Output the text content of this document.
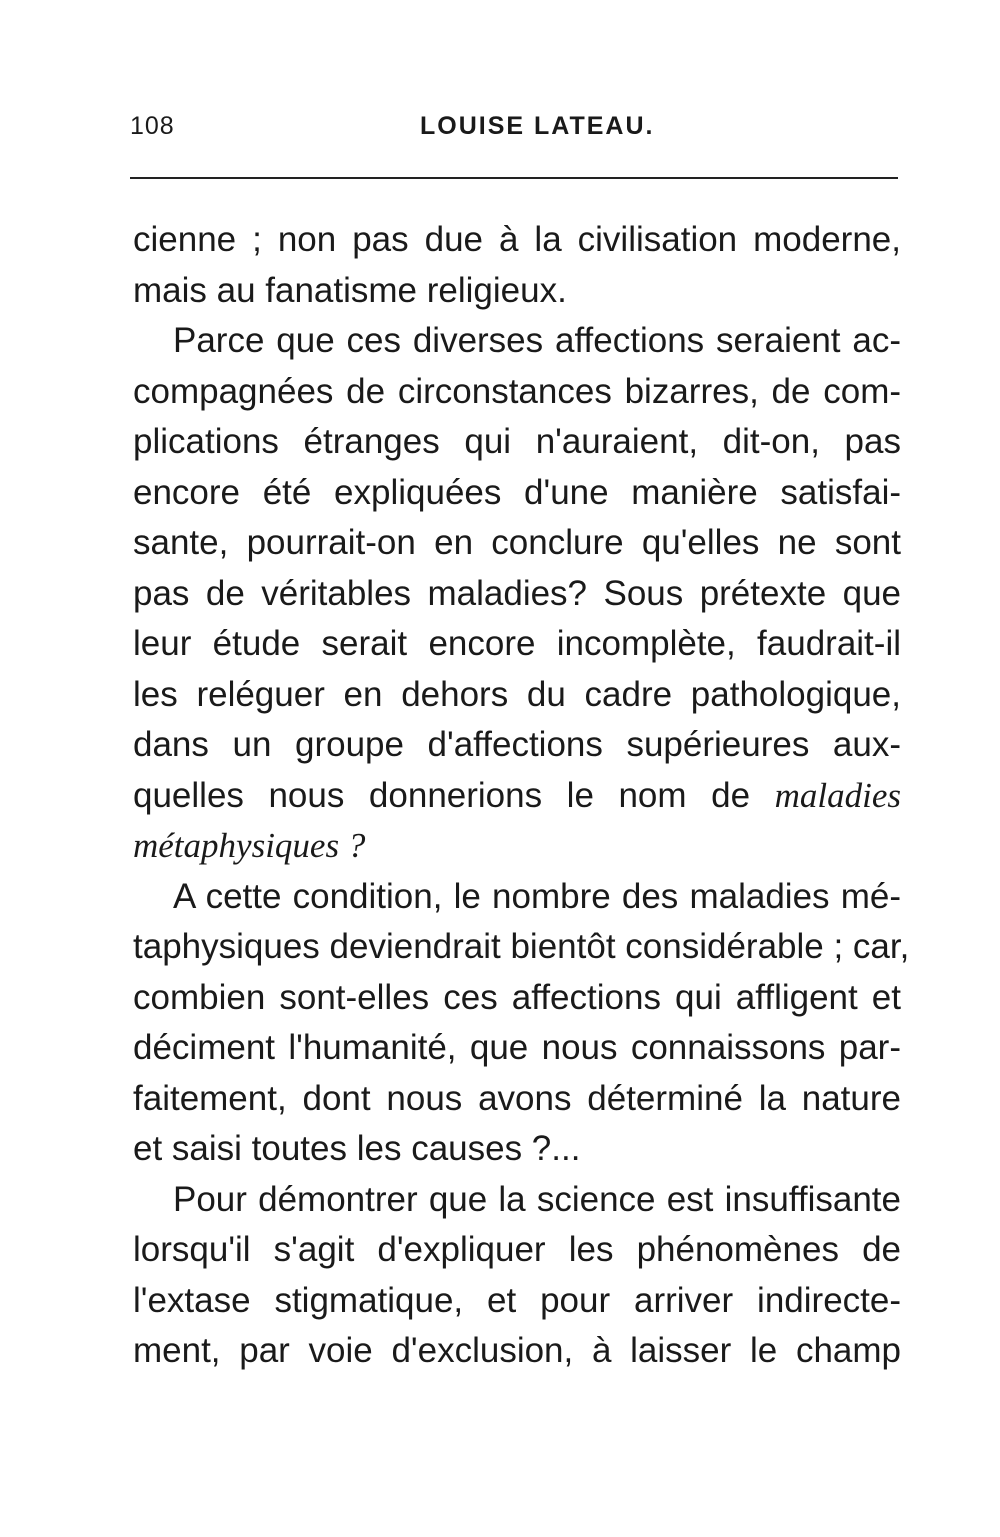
108	LOUISE LATEAU.
cienne ; non pas due à la civilisation moderne,
mais au fanatisme religieux.
Parce que ces diverses affections seraient ac-
compagnées de circonstances bizarres, de com-
plications étranges qui n'auraient, dit-on, pas
encore été expliquées d'une manière satisfai-
sante, pourrait-on en conclure qu'elles ne sont
pas de véritables maladies? Sous prétexte que
leur étude serait encore incomplète, faudrait-il
les reléguer en dehors du cadre pathologique,
dans un groupe d'affections supérieures aux-
quelles nous donnerions le nom de maladies
métaphysiques ?
A cette condition, le nombre des maladies mé-
taphysiques deviendrait bientôt considérable ; car,
combien sont-elles ces affections qui affligent et
déciment l'humanité, que nous connaissons par-
faitement, dont nous avons déterminé la nature
et saisi toutes les causes ?...
Pour démontrer que la science est insuffisante
lorsqu'il s'agit d'expliquer les phénomènes de
l'extase stigmatique, et pour arriver indirecte-
ment, par voie d'exclusion, à laisser le champ
